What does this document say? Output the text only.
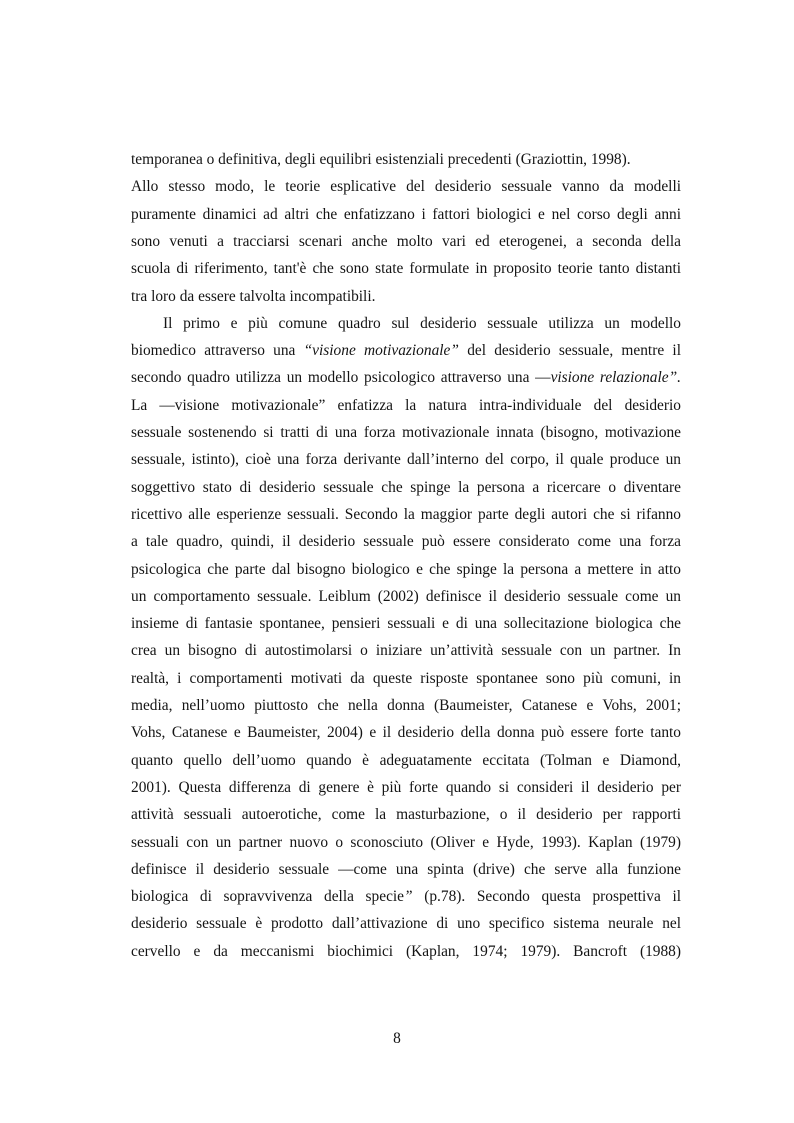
temporanea o definitiva, degli equilibri esistenziali precedenti (Graziottin, 1998).
Allo stesso modo, le teorie esplicative del desiderio sessuale vanno da modelli
puramente dinamici ad altri che enfatizzano i fattori biologici e nel corso degli anni
sono venuti a tracciarsi scenari anche molto vari ed eterogenei, a seconda della
scuola di riferimento, tant'è che sono state formulate in proposito teorie tanto distanti
tra loro da essere talvolta incompatibili.
Il primo e più comune quadro sul desiderio sessuale utilizza un modello
biomedico attraverso una “visione motivazionale” del desiderio sessuale, mentre il
secondo quadro utilizza un modello psicologico attraverso una ―visione relazionale”.
La ―visione motivazionale” enfatizza la natura intra-individuale del desiderio
sessuale sostenendo si tratti di una forza motivazionale innata (bisogno, motivazione
sessuale, istinto), cioè una forza derivante dall’interno del corpo, il quale produce un
soggettivo stato di desiderio sessuale che spinge la persona a ricercare o diventare
ricettivo alle esperienze sessuali. Secondo la maggior parte degli autori che si rifanno
a tale quadro, quindi, il desiderio sessuale può essere considerato come una forza
psicologica che parte dal bisogno biologico e che spinge la persona a mettere in atto
un comportamento sessuale. Leiblum (2002) definisce il desiderio sessuale come un
insieme di fantasie spontanee, pensieri sessuali e di una sollecitazione biologica che
crea un bisogno di autostimolarsi o iniziare un’attività sessuale con un partner. In
realtà, i comportamenti motivati da queste risposte spontanee sono più comuni, in
media, nell’uomo piuttosto che nella donna (Baumeister, Catanese e Vohs, 2001;
Vohs, Catanese e Baumeister, 2004) e il desiderio della donna può essere forte tanto
quanto quello dell’uomo quando è adeguatamente eccitata (Tolman e Diamond,
2001). Questa differenza di genere è più forte quando si consideri il desiderio per
attività sessuali autoerotiche, come la masturbazione, o il desiderio per rapporti
sessuali con un partner nuovo o sconosciuto (Oliver e Hyde, 1993). Kaplan (1979)
definisce il desiderio sessuale ―come una spinta (drive) che serve alla funzione
biologica di sopravvivenza della specie” (p.78). Secondo questa prospettiva il
desiderio sessuale è prodotto dall’attivazione di uno specifico sistema neurale nel
cervello e da meccanismi biochimici (Kaplan, 1974; 1979). Bancroft (1988)
8
